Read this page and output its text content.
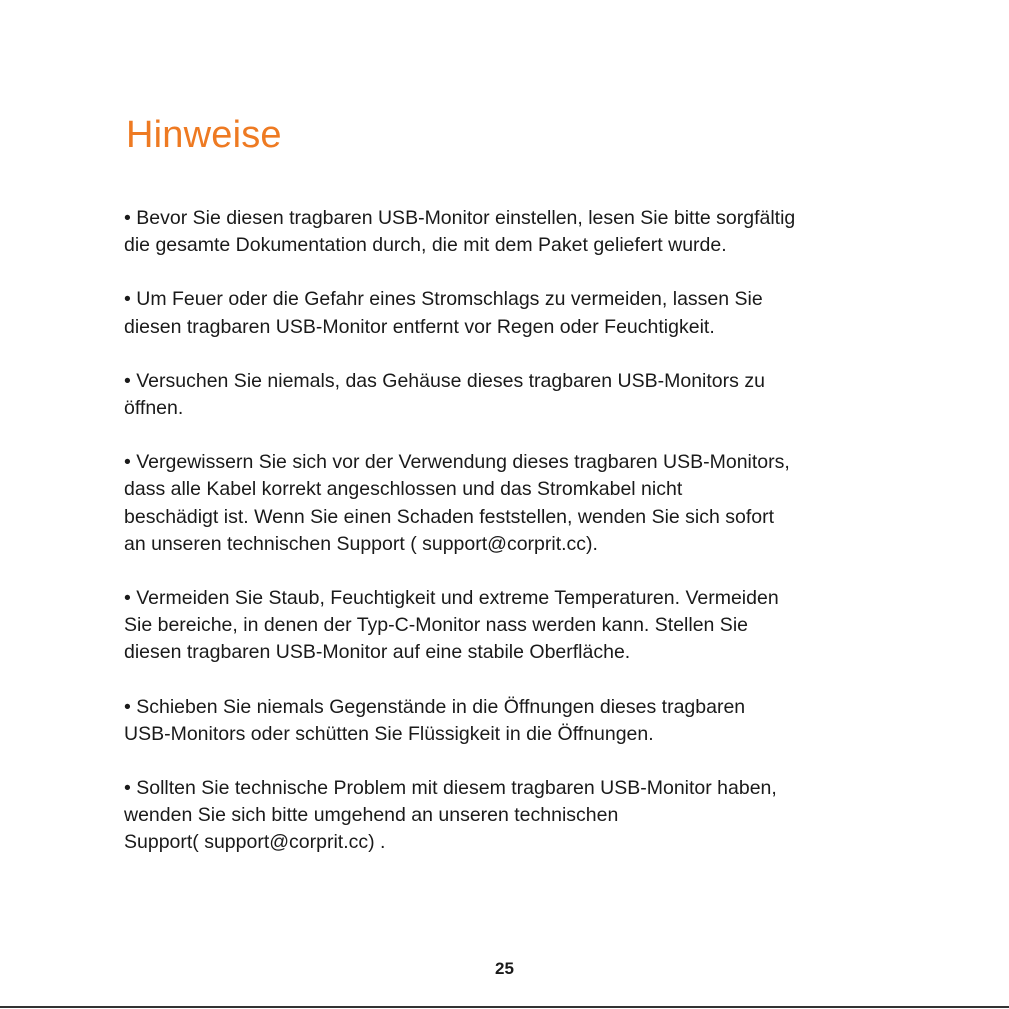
Hinweise

• Bevor Sie diesen tragbaren USB-Monitor einstellen, lesen Sie bitte sorgfältig
die gesamte Dokumentation durch, die mit dem Paket geliefert wurde.

• Um Feuer oder die Gefahr eines Stromschlags zu vermeiden, lassen Sie
diesen tragbaren USB-Monitor entfernt vor Regen oder Feuchtigkeit.

• Versuchen Sie niemals, das Gehäuse dieses tragbaren USB-Monitors zu
öffnen.

• Vergewissern Sie sich vor der Verwendung dieses tragbaren USB-Monitors,
dass alle Kabel korrekt angeschlossen und das Stromkabel nicht
beschädigt ist. Wenn Sie einen Schaden feststellen, wenden Sie sich sofort
an unseren technischen Support ( support@corprit.cc).

• Vermeiden Sie Staub, Feuchtigkeit und extreme Temperaturen. Vermeiden
Sie bereiche, in denen der Typ-C-Monitor nass werden kann. Stellen Sie
diesen tragbaren USB-Monitor auf eine stabile Oberfläche.

• Schieben Sie niemals Gegenstände in die Öffnungen dieses tragbaren
USB-Monitors oder schütten Sie Flüssigkeit in die Öffnungen.

• Sollten Sie technische Problem mit diesem tragbaren USB-Monitor haben,
wenden Sie sich bitte umgehend an unseren technischen
Support( support@corprit.cc) .

25
